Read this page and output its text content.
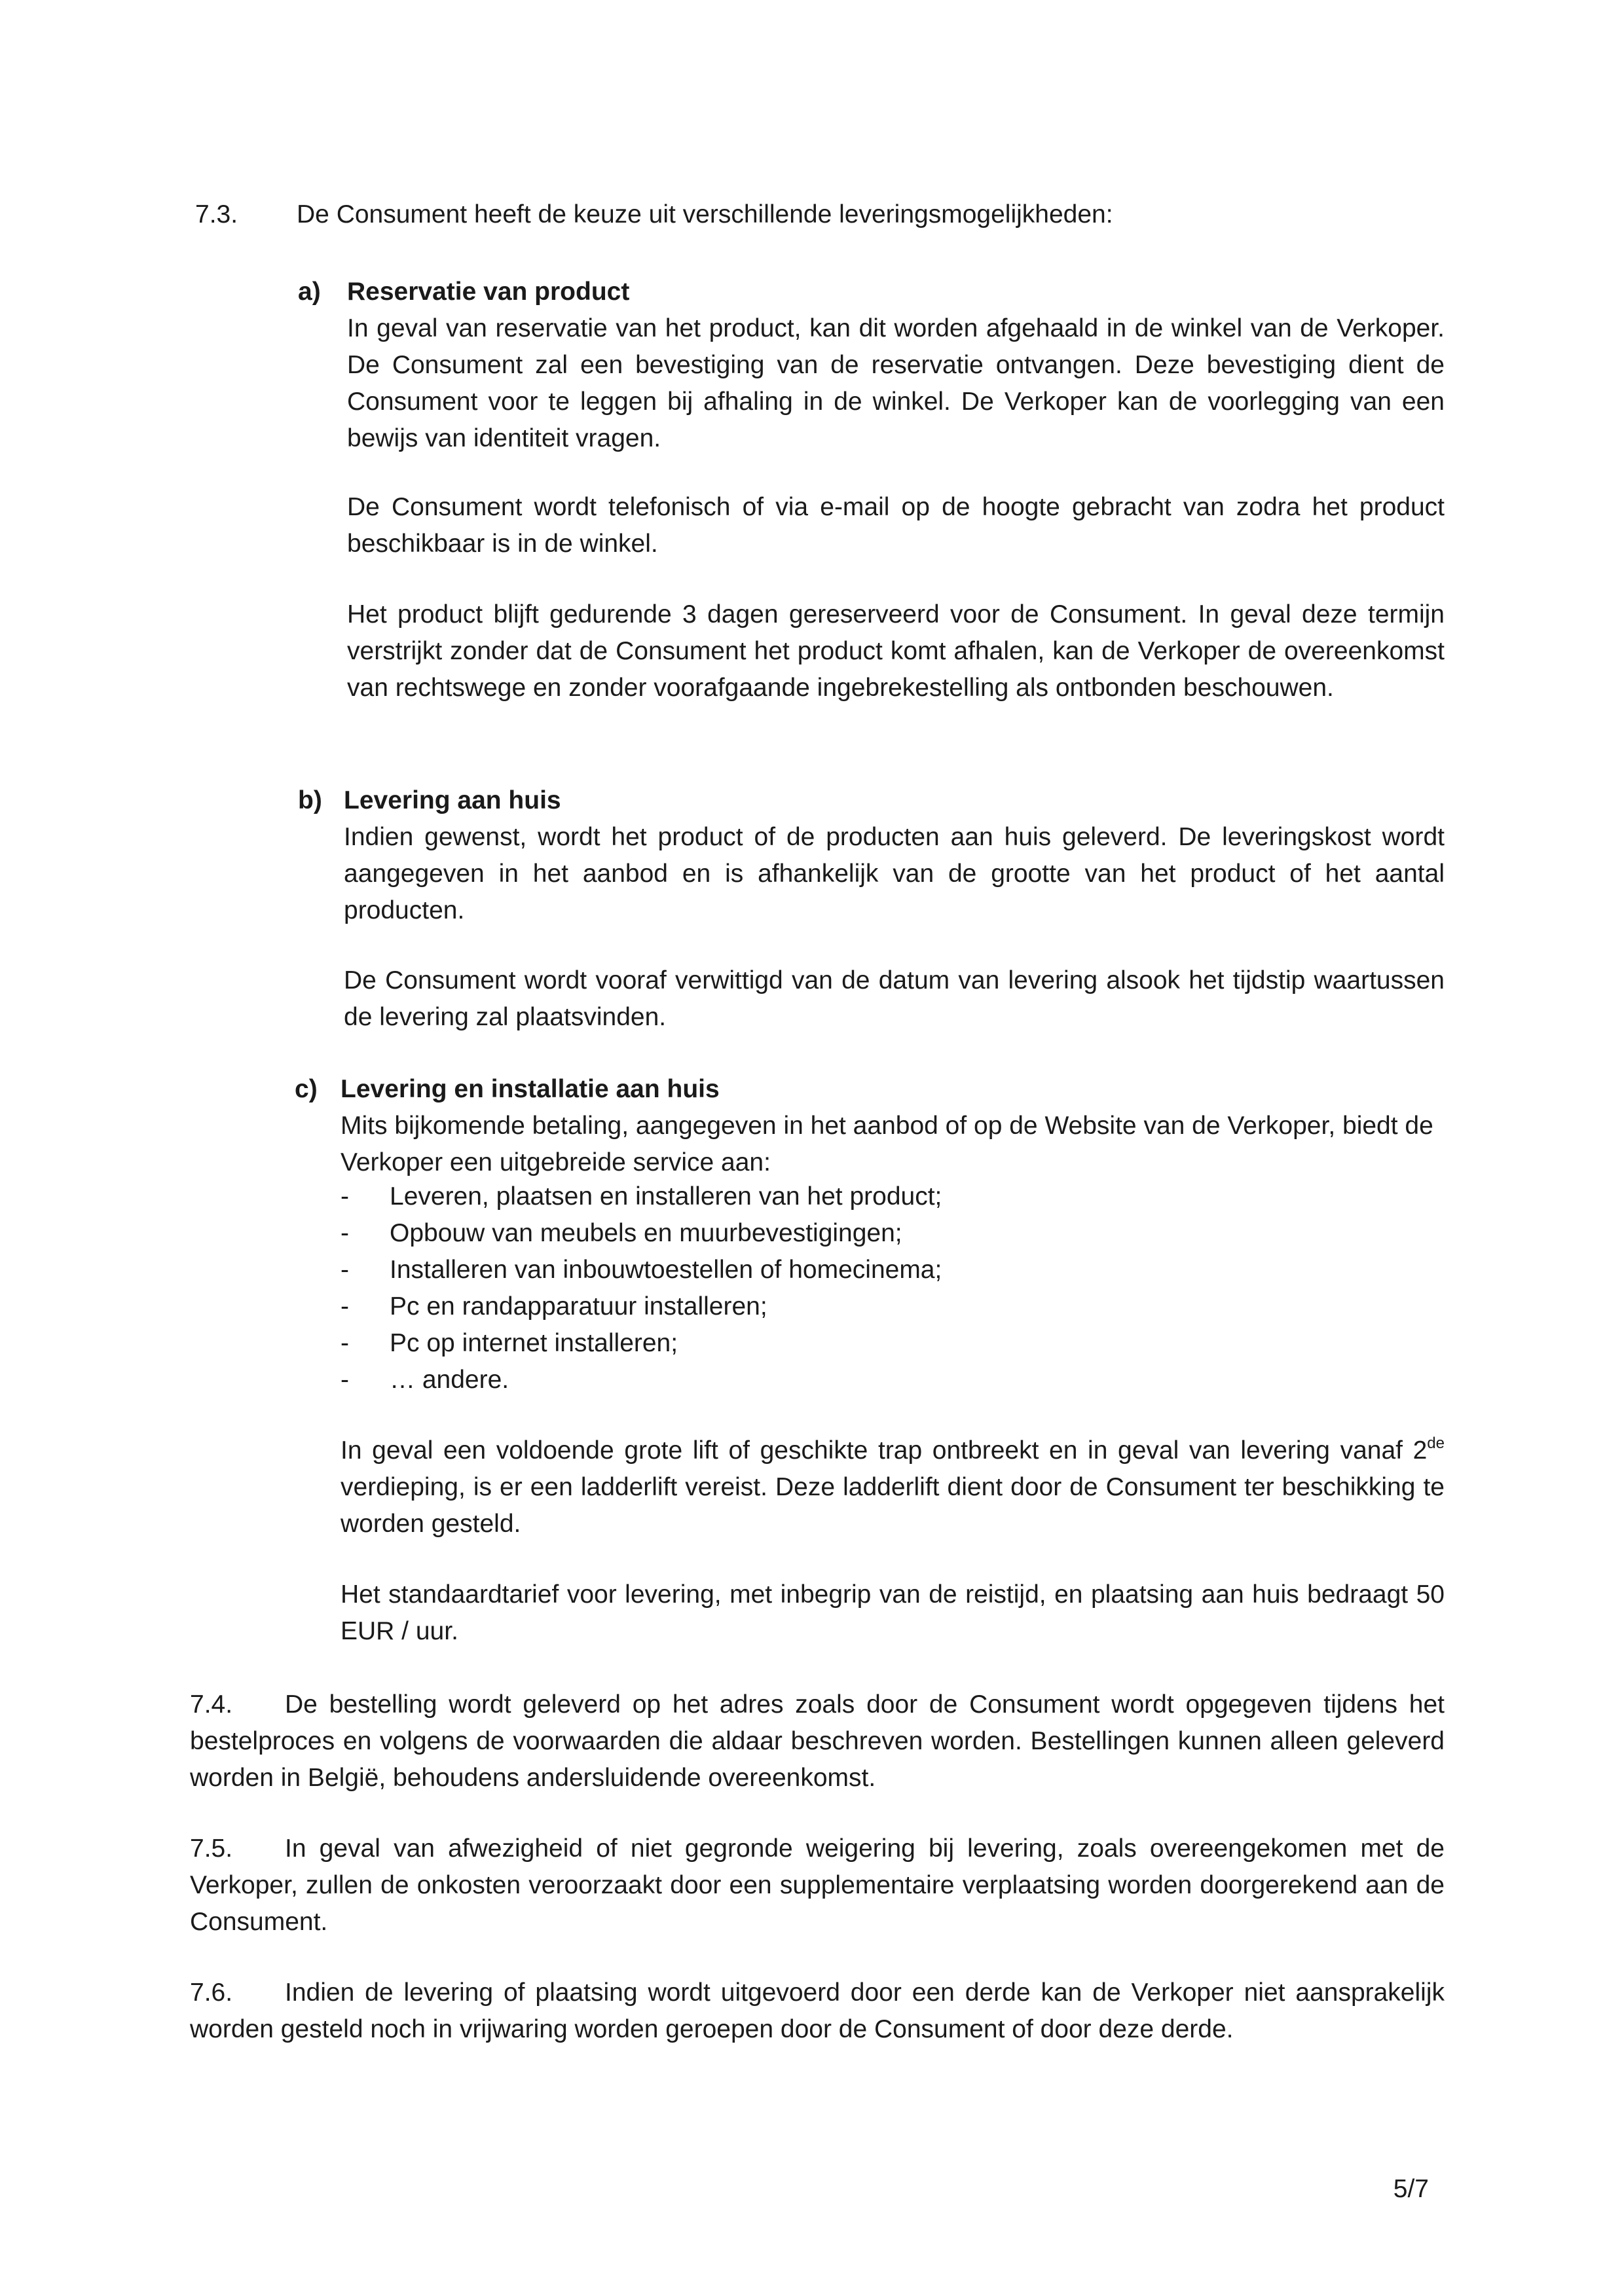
7.3. De Consument heeft de keuze uit verschillende leveringsmogelijkheden:
a) Reservatie van product
In geval van reservatie van het product, kan dit worden afgehaald in de winkel van de Verkoper. De Consument zal een bevestiging van de reservatie ontvangen. Deze bevestiging dient de Consument voor te leggen bij afhaling in de winkel. De Verkoper kan de voorlegging van een bewijs van identiteit vragen.
De Consument wordt telefonisch of via e-mail op de hoogte gebracht van zodra het product beschikbaar is in de winkel.
Het product blijft gedurende 3 dagen gereserveerd voor de Consument. In geval deze termijn verstrijkt zonder dat de Consument het product komt afhalen, kan de Verkoper de overeenkomst van rechtswege en zonder voorafgaande ingebrekestelling als ontbonden beschouwen.
b) Levering aan huis
Indien gewenst, wordt het product of de producten aan huis geleverd. De leveringskost wordt aangegeven in het aanbod en is afhankelijk van de grootte van het product of het aantal producten.
De Consument wordt vooraf verwittigd van de datum van levering alsook het tijdstip waartussen de levering zal plaatsvinden.
c) Levering en installatie aan huis
Mits bijkomende betaling, aangegeven in het aanbod of op de Website van de Verkoper, biedt de Verkoper een uitgebreide service aan:
- Leveren, plaatsen en installeren van het product;
- Opbouw van meubels en muurbevestigingen;
- Installeren van inbouwtoestellen of homecinema;
- Pc en randapparatuur installeren;
- Pc op internet installeren;
- … andere.
In geval een voldoende grote lift of geschikte trap ontbreekt en in geval van levering vanaf 2de verdieping, is er een ladderlift vereist. Deze ladderlift dient door de Consument ter beschikking te worden gesteld.
Het standaardtarief voor levering, met inbegrip van de reistijd, en plaatsing aan huis bedraagt 50 EUR / uur.
7.4. De bestelling wordt geleverd op het adres zoals door de Consument wordt opgegeven tijdens het bestelproces en volgens de voorwaarden die aldaar beschreven worden. Bestellingen kunnen alleen geleverd worden in België, behoudens andersluidende overeenkomst.
7.5. In geval van afwezigheid of niet gegronde weigering bij levering, zoals overeengekomen met de Verkoper, zullen de onkosten veroorzaakt door een supplementaire verplaatsing worden doorgerekend aan de Consument.
7.6. Indien de levering of plaatsing wordt uitgevoerd door een derde kan de Verkoper niet aansprakelijk worden gesteld noch in vrijwaring worden geroepen door de Consument of door deze derde.
5/7
